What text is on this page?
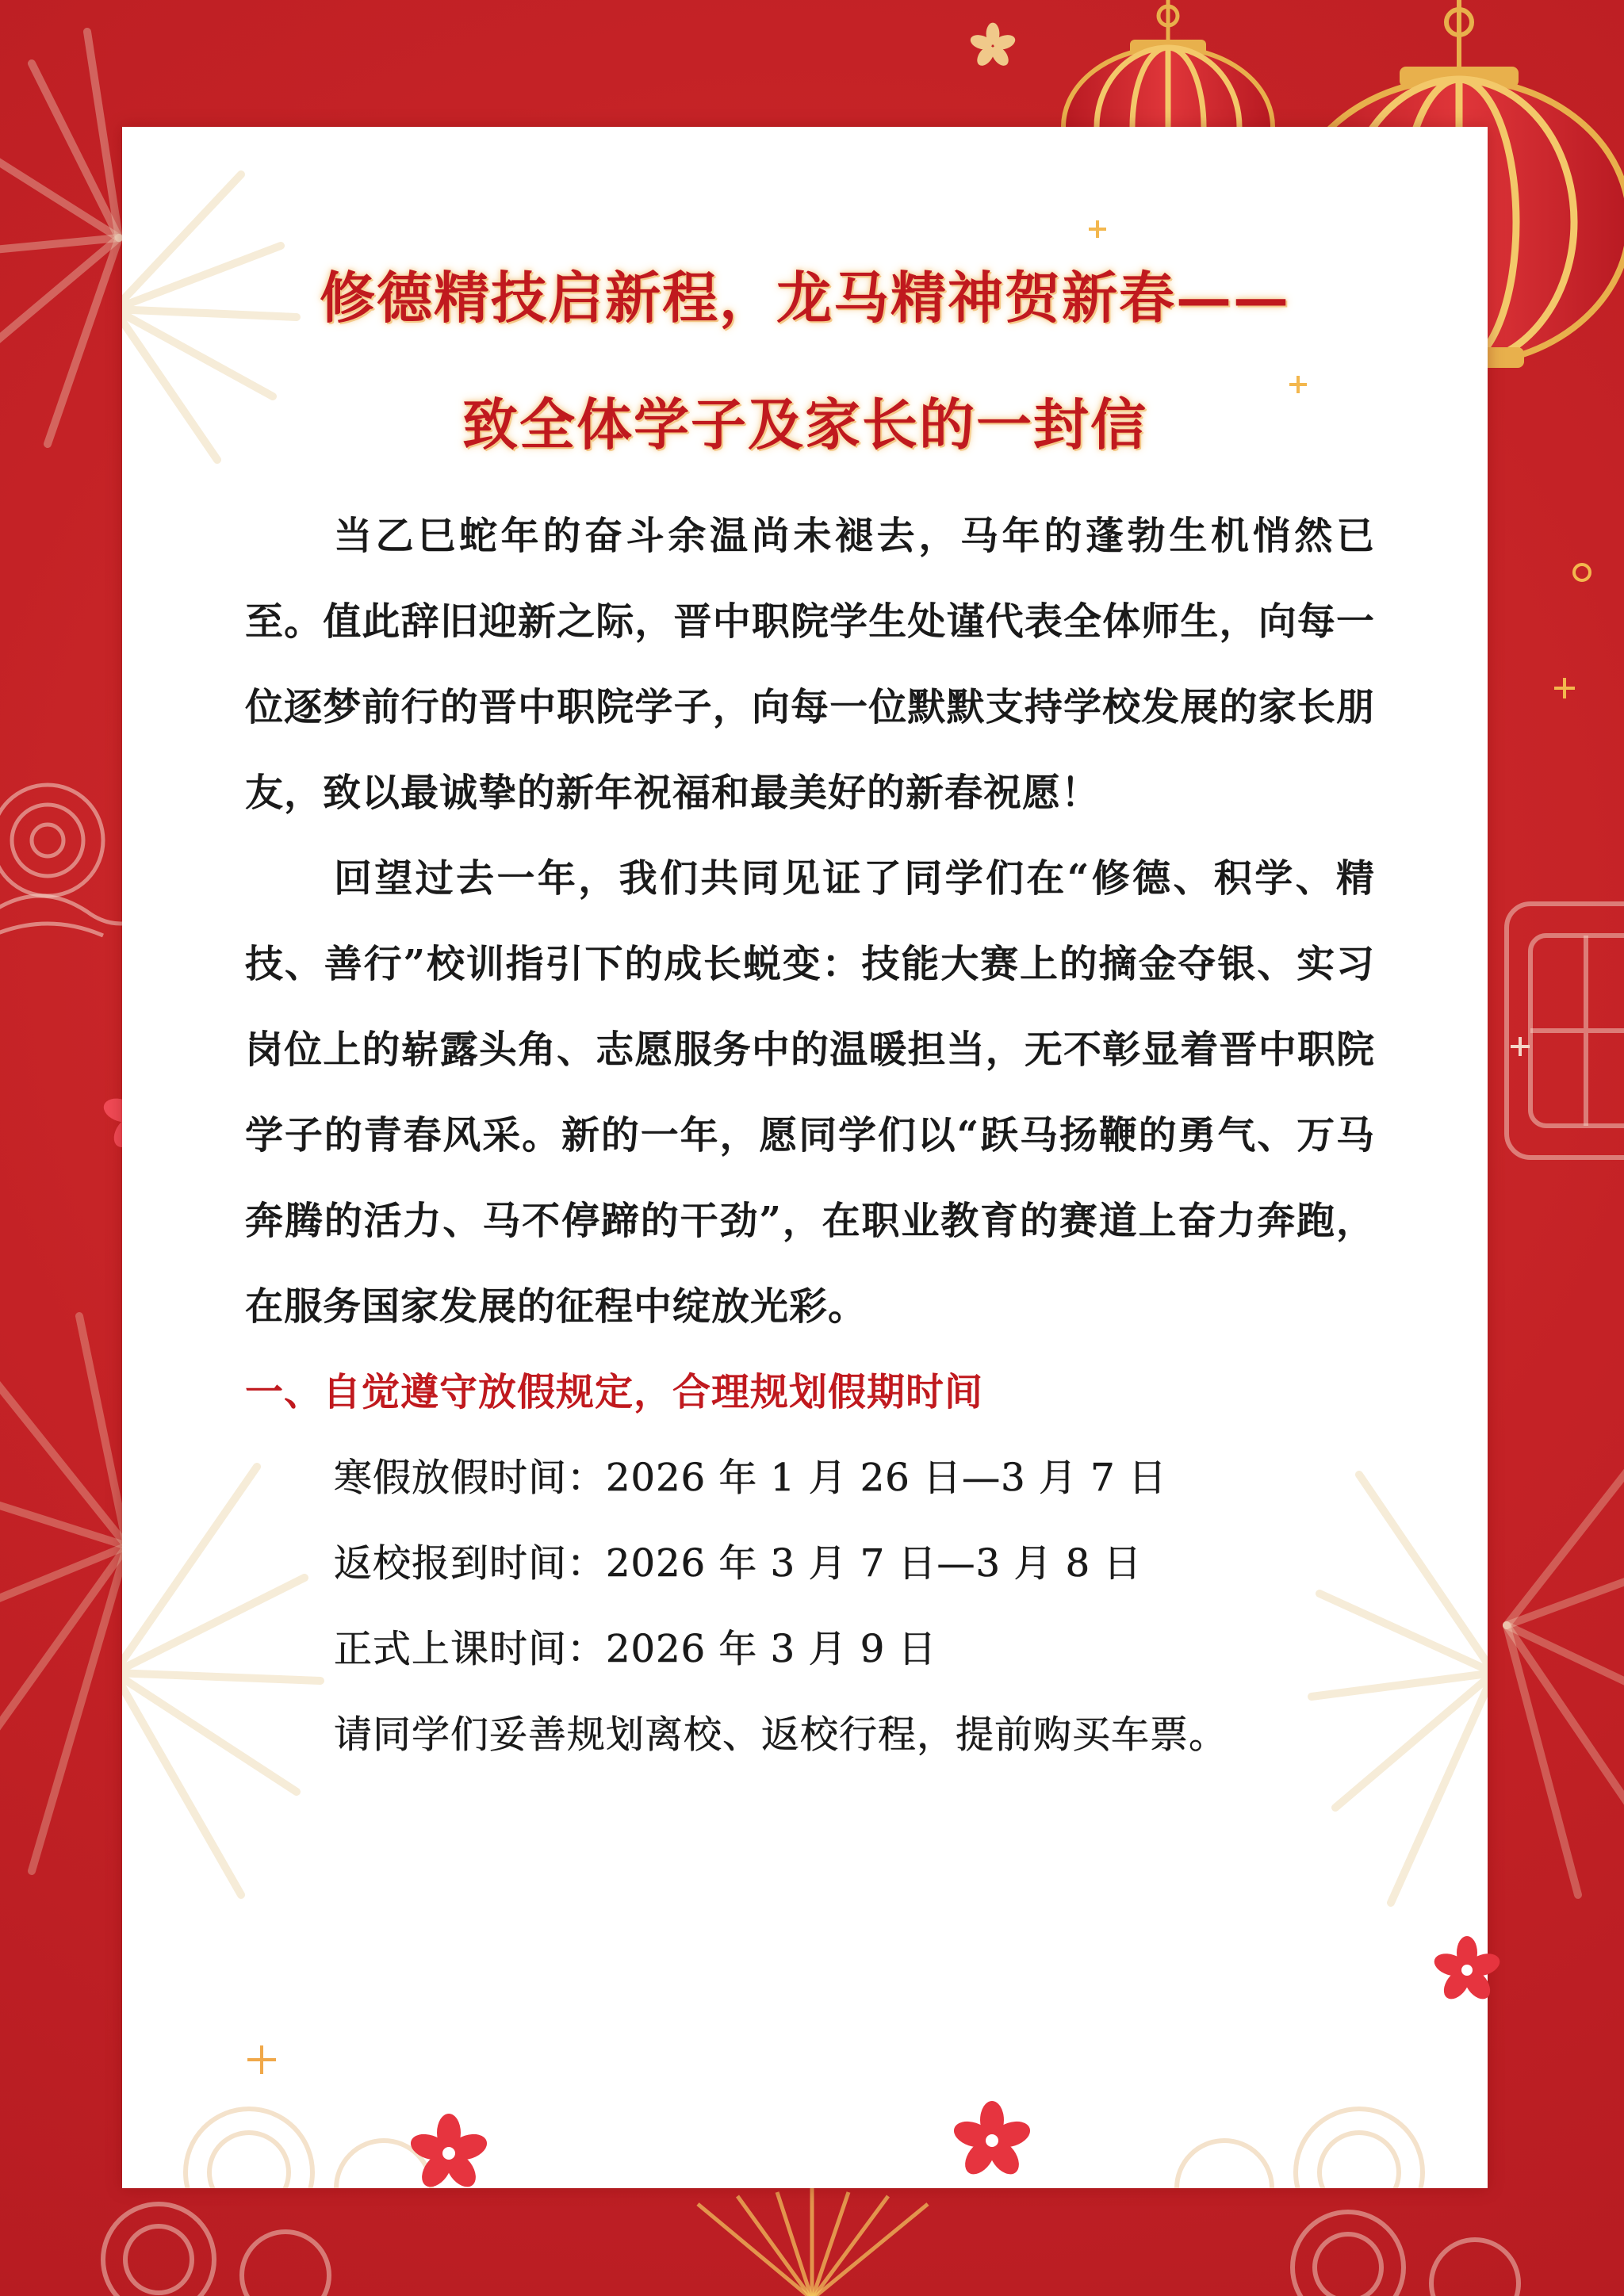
修德精技启新程，龙马精神贺新春——
致全体学子及家长的一封信

当乙巳蛇年的奋斗余温尚未褪去，马年的蓬勃生机悄然已至。值此辞旧迎新之际，晋中职院学生处谨代表全体师生，向每一位逐梦前行的晋中职院学子，向每一位默默支持学校发展的家长朋友，致以最诚挚的新年祝福和最美好的新春祝愿！

回望过去一年，我们共同见证了同学们在“修德、积学、精技、善行”校训指引下的成长蜕变：技能大赛上的摘金夺银、实习岗位上的崭露头角、志愿服务中的温暖担当，无不彰显着晋中职院学子的青春风采。新的一年，愿同学们以“跃马扬鞭的勇气、万马奔腾的活力、马不停蹄的干劲”，在职业教育的赛道上奋力奔跑，在服务国家发展的征程中绽放光彩。

一、自觉遵守放假规定，合理规划假期时间

寒假放假时间：2026 年 1 月 26 日—3 月 7 日

返校报到时间：2026 年 3 月 7 日—3 月 8 日

正式上课时间：2026 年 3 月 9 日

请同学们妥善规划离校、返校行程，提前购买车票。
